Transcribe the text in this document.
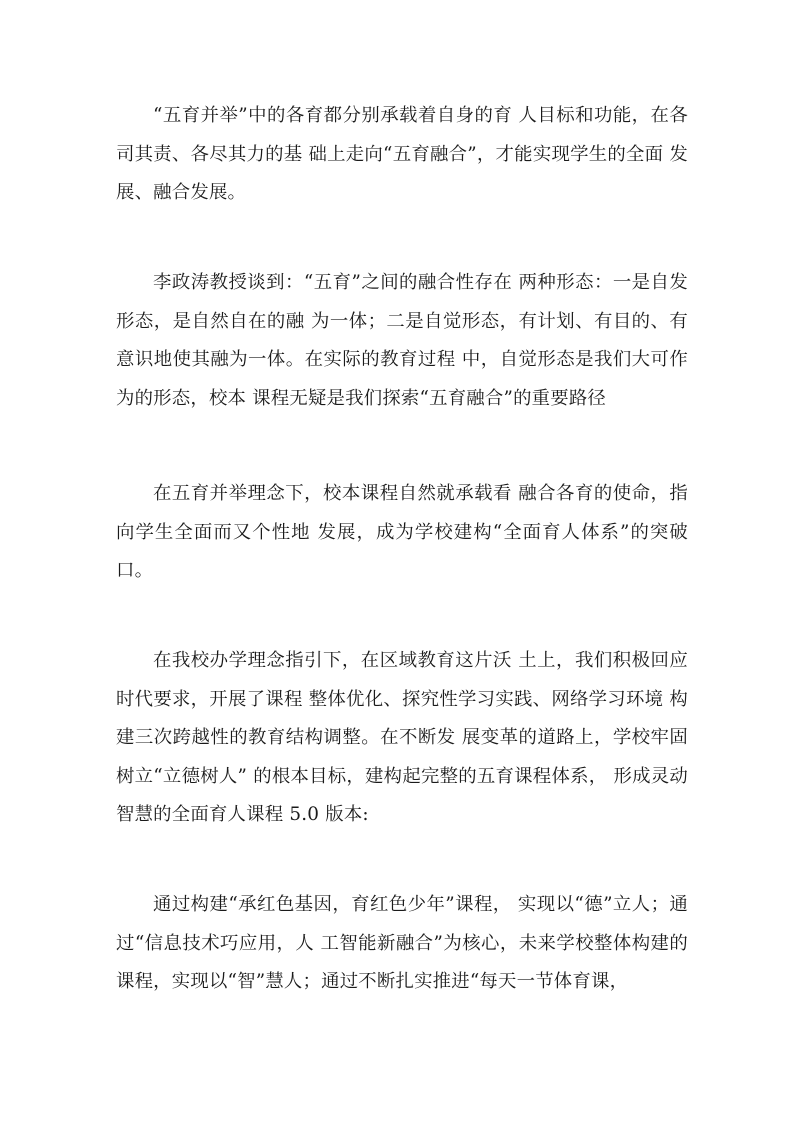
“五育并举”中的各育都分别承载着自身的育 人目标和功能，在各司其责、各尽其力的基 础上走向“五育融合”，才能实现学生的全面 发展、融合发展。

李政涛教授谈到：“五育”之间的融合性存在 两种形态：一是自发形态，是自然自在的融 为一体；二是自觉形态，有计划、有目的、有意识地使其融为一体。在实际的教育过程 中，自觉形态是我们大可作为的形态，校本 课程无疑是我们探索“五育融合”的重要路径

在五育并举理念下，校本课程自然就承载看 融合各育的使命，指向学生全面而又个性地 发展，成为学校建构“全面育人体系”的突破口。

在我校办学理念指引下，在区域教育这片沃 土上，我们积极回应时代要求，开展了课程 整体优化、探究性学习实践、网络学习环境 构建三次跨越性的教育结构调整。在不断发 展变革的道路上，学校牢固树立“立德树人” 的根本目标，建构起完整的五育课程体系， 形成灵动智慧的全面育人课程 5.0 版本:

通过构建“承红色基因，育红色少年”课程， 实现以“德”立人；通过“信息技术巧应用，人 工智能新融合”为核心，未来学校整体构建的 课程，实现以“智”慧人；通过不断扎实推进“每天一节体育课，
